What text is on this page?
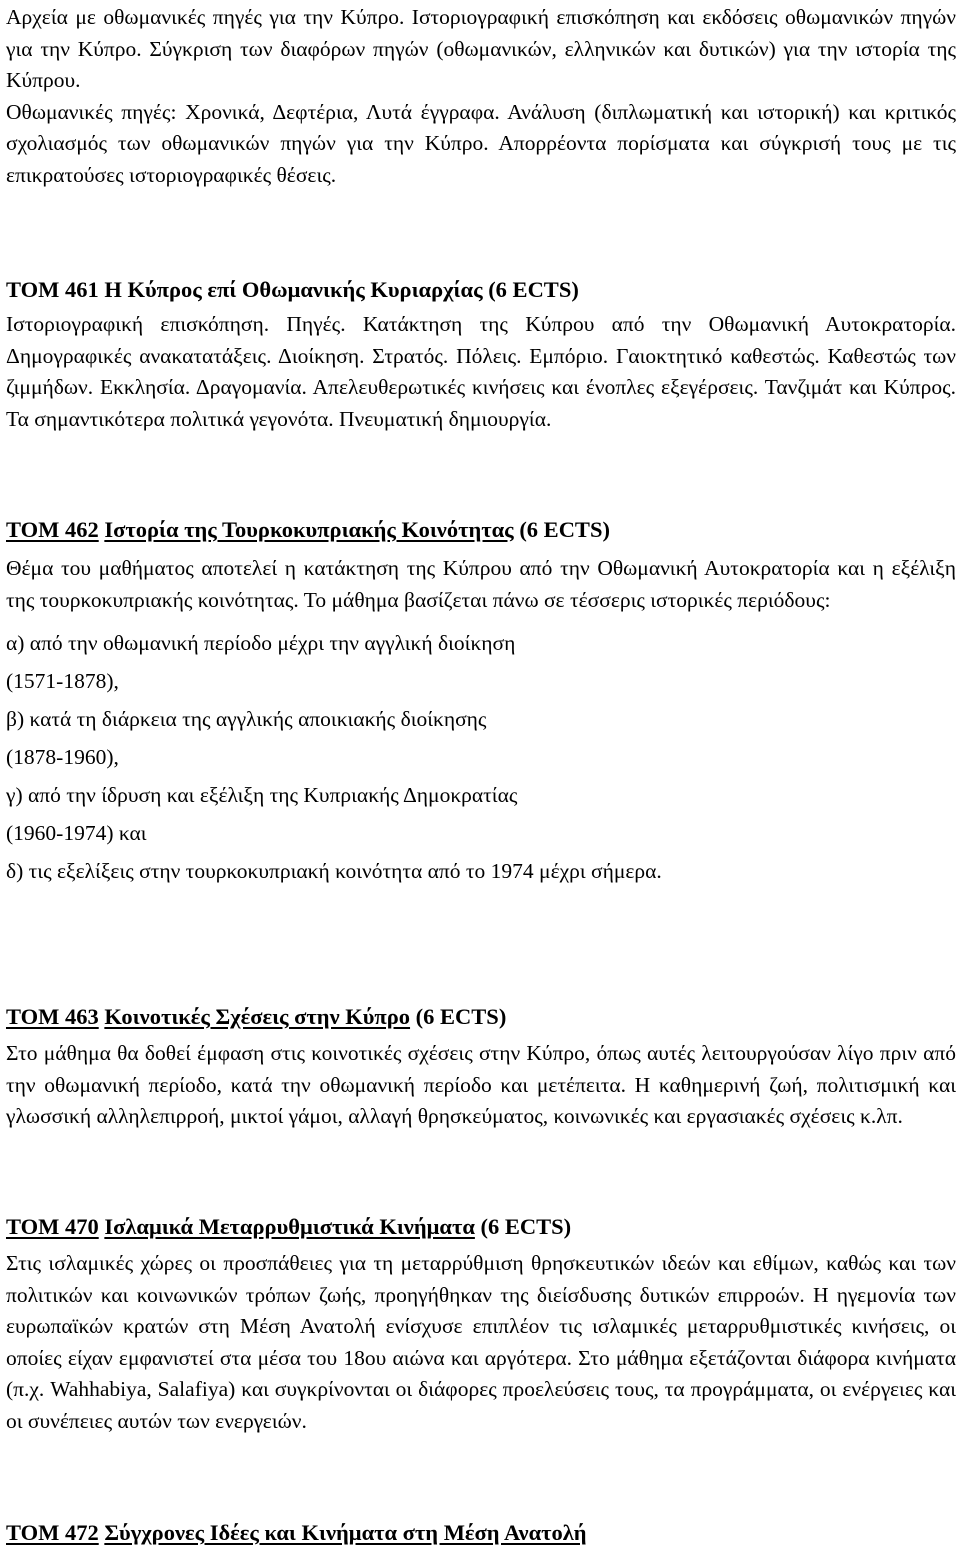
Αρχεία με οθωμανικές πηγές για την Κύπρο. Ιστοριογραφική επισκόπηση και εκδόσεις οθωμανικών πηγών για την Κύπρο. Σύγκριση των διαφόρων πηγών (οθωμανικών, ελληνικών και δυτικών) για την ιστορία της Κύπρου.

Οθωμανικές πηγές: Χρονικά, Δεφτέρια, Λυτά έγγραφα. Ανάλυση (διπλωματική και ιστορική) και κριτικός σχολιασμός των οθωμανικών πηγών για την Κύπρο. Απορρέοντα πορίσματα και σύγκρισή τους με τις επικρατούσες ιστοριογραφικές θέσεις.

ΤΟΜ 461 Η Κύπρος επί Οθωμανικής Κυριαρχίας (6 ECTS)

Ιστοριογραφική επισκόπηση. Πηγές. Κατάκτηση της Κύπρου από την Οθωμανική Αυτοκρατορία. Δημογραφικές ανακατατάξεις. Διοίκηση. Στρατός. Πόλεις. Εμπόριο. Γαιοκτητικό καθεστώς. Καθεστώς των ζιμμήδων. Εκκλησία. Δραγομανία. Απελευθερωτικές κινήσεις και ένοπλες εξεγέρσεις. Τανζιμάτ και Κύπρος. Τα σημαντικότερα πολιτικά γεγονότα. Πνευματική δημιουργία.

ΤΟΜ 462 Ιστορία της Τουρκοκυπριακής Κοινότητας (6 ECTS)

Θέμα του μαθήματος αποτελεί η κατάκτηση της Κύπρου από την Οθωμανική Αυτοκρατορία και η εξέλιξη της τουρκοκυπριακής κοινότητας. Το μάθημα βασίζεται πάνω σε τέσσερις ιστορικές περιόδους:

α) από την οθωμανική περίοδο μέχρι την αγγλική διοίκηση
(1571-1878),
β) κατά τη διάρκεια της αγγλικής αποικιακής διοίκησης
(1878-1960),
γ) από την ίδρυση και εξέλιξη της Κυπριακής Δημοκρατίας
(1960-1974) και
δ) τις εξελίξεις στην τουρκοκυπριακή κοινότητα από το 1974 μέχρι σήμερα.
ΤΟΜ 463 Κοινοτικές Σχέσεις στην Κύπρο (6 ECTS)

Στο μάθημα θα δοθεί έμφαση στις κοινοτικές σχέσεις στην Κύπρο, όπως αυτές λειτουργούσαν λίγο πριν από την οθωμανική περίοδο, κατά την οθωμανική περίοδο και μετέπειτα. Η καθημερινή ζωή, πολιτισμική και γλωσσική αλληλεπιρροή, μικτοί γάμοι, αλλαγή θρησκεύματος, κοινωνικές και εργασιακές σχέσεις κ.λπ.

ΤΟΜ 470 Ισλαμικά Μεταρρυθμιστικά Κινήματα (6 ECTS)

Στις ισλαμικές χώρες οι προσπάθειες για τη μεταρρύθμιση θρησκευτικών ιδεών και εθίμων, καθώς και των πολιτικών και κοινωνικών τρόπων ζωής, προηγήθηκαν της διείσδυσης δυτικών επιρροών. Η ηγεμονία των ευρωπαϊκών κρατών στη Μέση Ανατολή ενίσχυσε επιπλέον τις ισλαμικές μεταρρυθμιστικές κινήσεις, οι οποίες είχαν εμφανιστεί στα μέσα του 18ου αιώνα και αργότερα. Στο μάθημα εξετάζονται διάφορα κινήματα (π.χ. Wahhabiya, Salafiya) και συγκρίνονται οι διάφορες προελεύσεις τους, τα προγράμματα, οι ενέργειες και οι συνέπειες αυτών των ενεργειών.

ΤΟΜ 472 Σύγχρονες Ιδέες και Κινήματα στη Μέση Ανατολή
